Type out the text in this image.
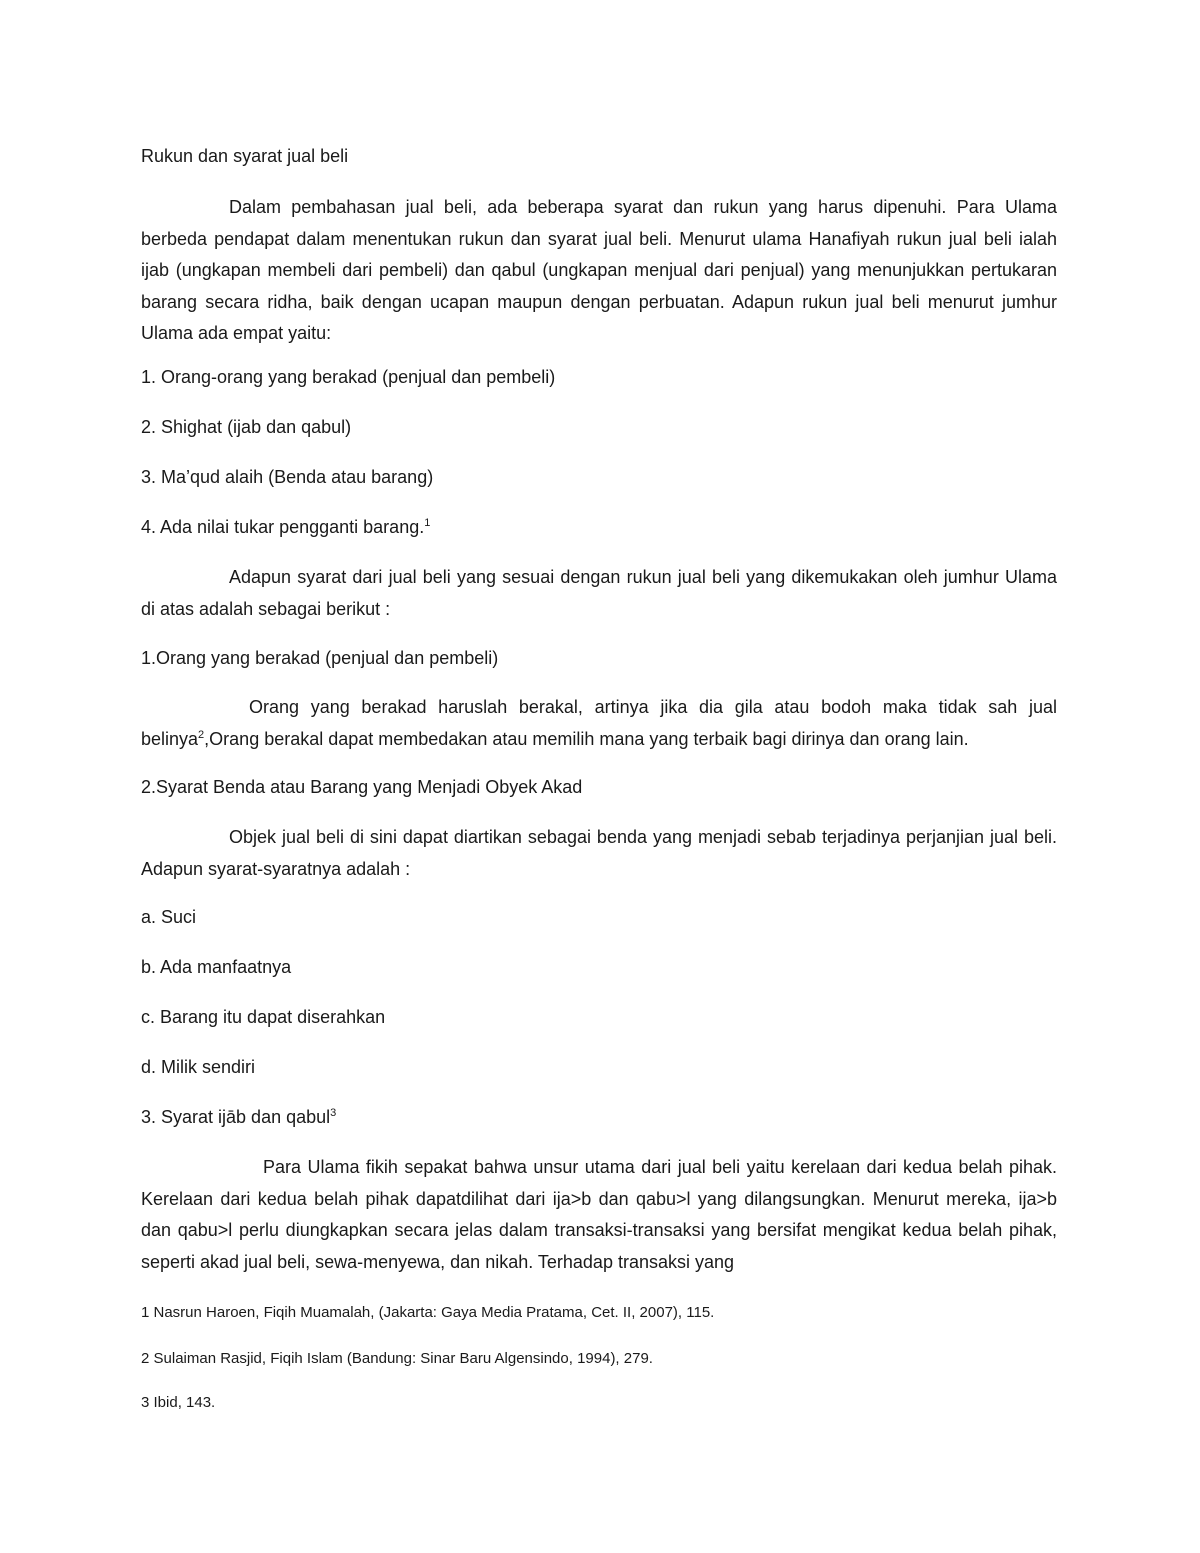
Rukun dan syarat jual beli
Dalam pembahasan jual beli, ada beberapa syarat dan rukun yang harus dipenuhi. Para Ulama berbeda pendapat dalam menentukan rukun dan syarat jual beli. Menurut ulama Hanafiyah rukun jual beli ialah ijab (ungkapan membeli dari pembeli) dan qabul (ungkapan menjual dari penjual) yang menunjukkan pertukaran barang secara ridha, baik dengan ucapan maupun dengan perbuatan. Adapun rukun jual beli menurut jumhur Ulama ada empat yaitu:
1. Orang-orang yang berakad (penjual dan pembeli)
2. Shighat (ijab dan qabul)
3. Ma’qud alaih (Benda atau barang)
4. Ada nilai tukar pengganti barang.$^1$
Adapun syarat dari jual beli yang sesuai dengan rukun jual beli yang dikemukakan oleh jumhur Ulama di atas adalah sebagai berikut :
1.Orang yang berakad (penjual dan pembeli)
Orang yang berakad haruslah berakal, artinya jika dia gila atau bodoh maka tidak sah jual belinya$^2$,Orang berakal dapat membedakan atau memilih mana yang terbaik bagi dirinya dan orang lain.
2.Syarat Benda atau Barang yang Menjadi Obyek Akad
Objek jual beli di sini dapat diartikan sebagai benda yang menjadi sebab terjadinya perjanjian jual beli. Adapun syarat-syaratnya adalah :
a. Suci
b. Ada manfaatnya
c. Barang itu dapat diserahkan
d. Milik sendiri
3. Syarat ijāb dan qabul$^3$
Para Ulama fikih sepakat bahwa unsur utama dari jual beli yaitu kerelaan dari kedua belah pihak. Kerelaan dari kedua belah pihak dapatdilihat dari ija>b dan qabu>l yang dilangsungkan. Menurut mereka, ija>b dan qabu>l perlu diungkapkan secara jelas dalam transaksi-transaksi yang bersifat mengikat kedua belah pihak, seperti akad jual beli, sewa-menyewa, dan nikah. Terhadap transaksi yang
1 Nasrun Haroen, Fiqih Muamalah, (Jakarta: Gaya Media Pratama, Cet. II, 2007), 115.
2 Sulaiman Rasjid, Fiqih Islam (Bandung: Sinar Baru Algensindo, 1994), 279.
3 Ibid, 143.
